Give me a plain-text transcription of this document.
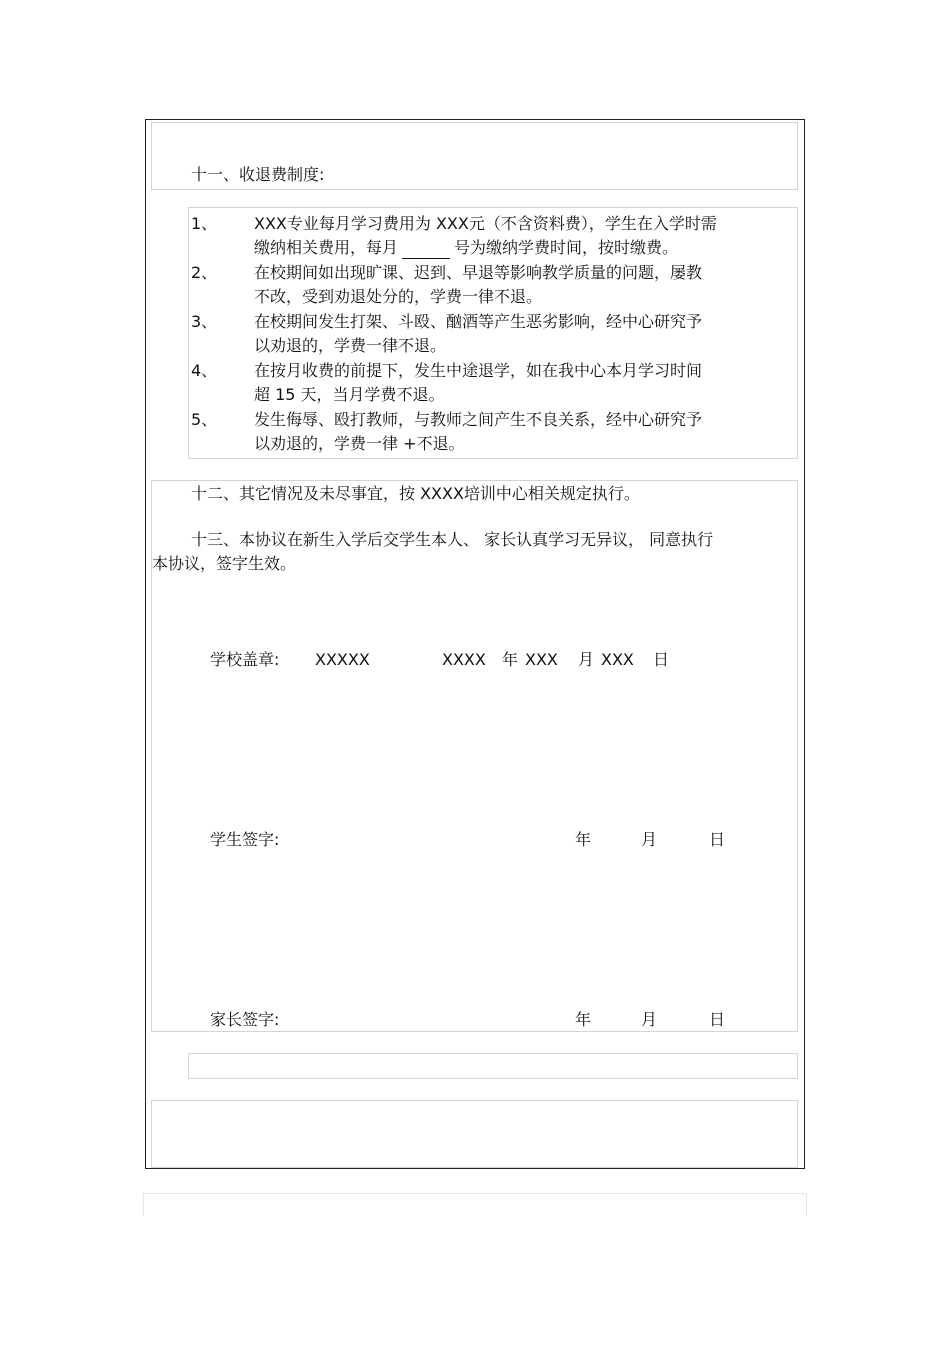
十一、收退费制度:
1、 XXX专业每月学习费用为 XXX元（不含资料费），学生在入学时需
缴纳相关费用，每月	号为缴纳学费时间，按时缴费。
2、 在校期间如出现旷课、迟到、早退等影响教学质量的问题，屡教
不改，受到劝退处分的，学费一律不退。
3、 在校期间发生打架、斗殴、酗酒等产生恶劣影响，经中心研究予
以劝退的，学费一律不退。
4、 在按月收费的前提下，发生中途退学，如在我中心本月学习时间
超 15 天，当月学费不退。
5、 发生侮辱、殴打教师，与教师之间产生不良关系，经中心研究予
以劝退的，学费一律 +不退。
十二、其它情况及未尽事宜，按 XXXX培训中心相关规定执行。
十三、本协议在新生入学后交学生本人、 家长认真学习无异议， 同意执行
本协议，签字生效。
学校盖章: XXXXX	XXXX 年 XXX 月 XXX 日
学生签字:	年	月	日
家长签字:	年	月	日
